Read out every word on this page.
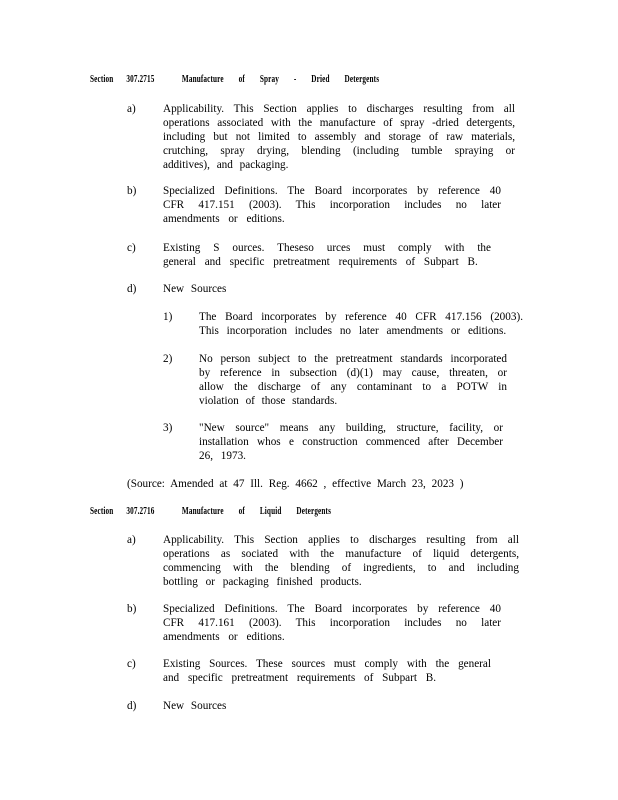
Section 307.2715	Manufacture of Spray - Dried Detergents
a) Applicability. This Section applies to discharges resulting from all operations associated with the manufacture of spray -dried detergents, including but not limited to assembly and storage of raw materials, crutching, spray drying, blending (including tumble spraying or additives), and packaging.
b) Specialized Definitions. The Board incorporates by reference 40 CFR 417.151 (2003). This incorporation includes no later amendments or editions.
c) Existing S ources. Theseso urces must comply with the general and specific pretreatment requirements of Subpart B.
d) New Sources
1) The Board incorporates by reference 40 CFR 417.156 (2003). This incorporation includes no later amendments or editions.
2) No person subject to the pretreatment standards incorporated by reference in subsection (d)(1) may cause, threaten, or allow the discharge of any contaminant to a POTW in violation of those standards.
3) "New source" means any building, structure, facility, or installation whos e construction commenced after December 26, 1973.
(Source: Amended at 47 Ill. Reg. 4662 , effective March 23, 2023 )
Section 307.2716	Manufacture of Liquid Detergents
a) Applicability. This Section applies to discharges resulting from all operations as sociated with the manufacture of liquid detergents, commencing with the blending of ingredients, to and including bottling or packaging finished products.
b) Specialized Definitions. The Board incorporates by reference 40 CFR 417.161 (2003). This incorporation includes no later amendments or editions.
c) Existing Sources. These sources must comply with the general and specific pretreatment requirements of Subpart B.
d) New Sources
